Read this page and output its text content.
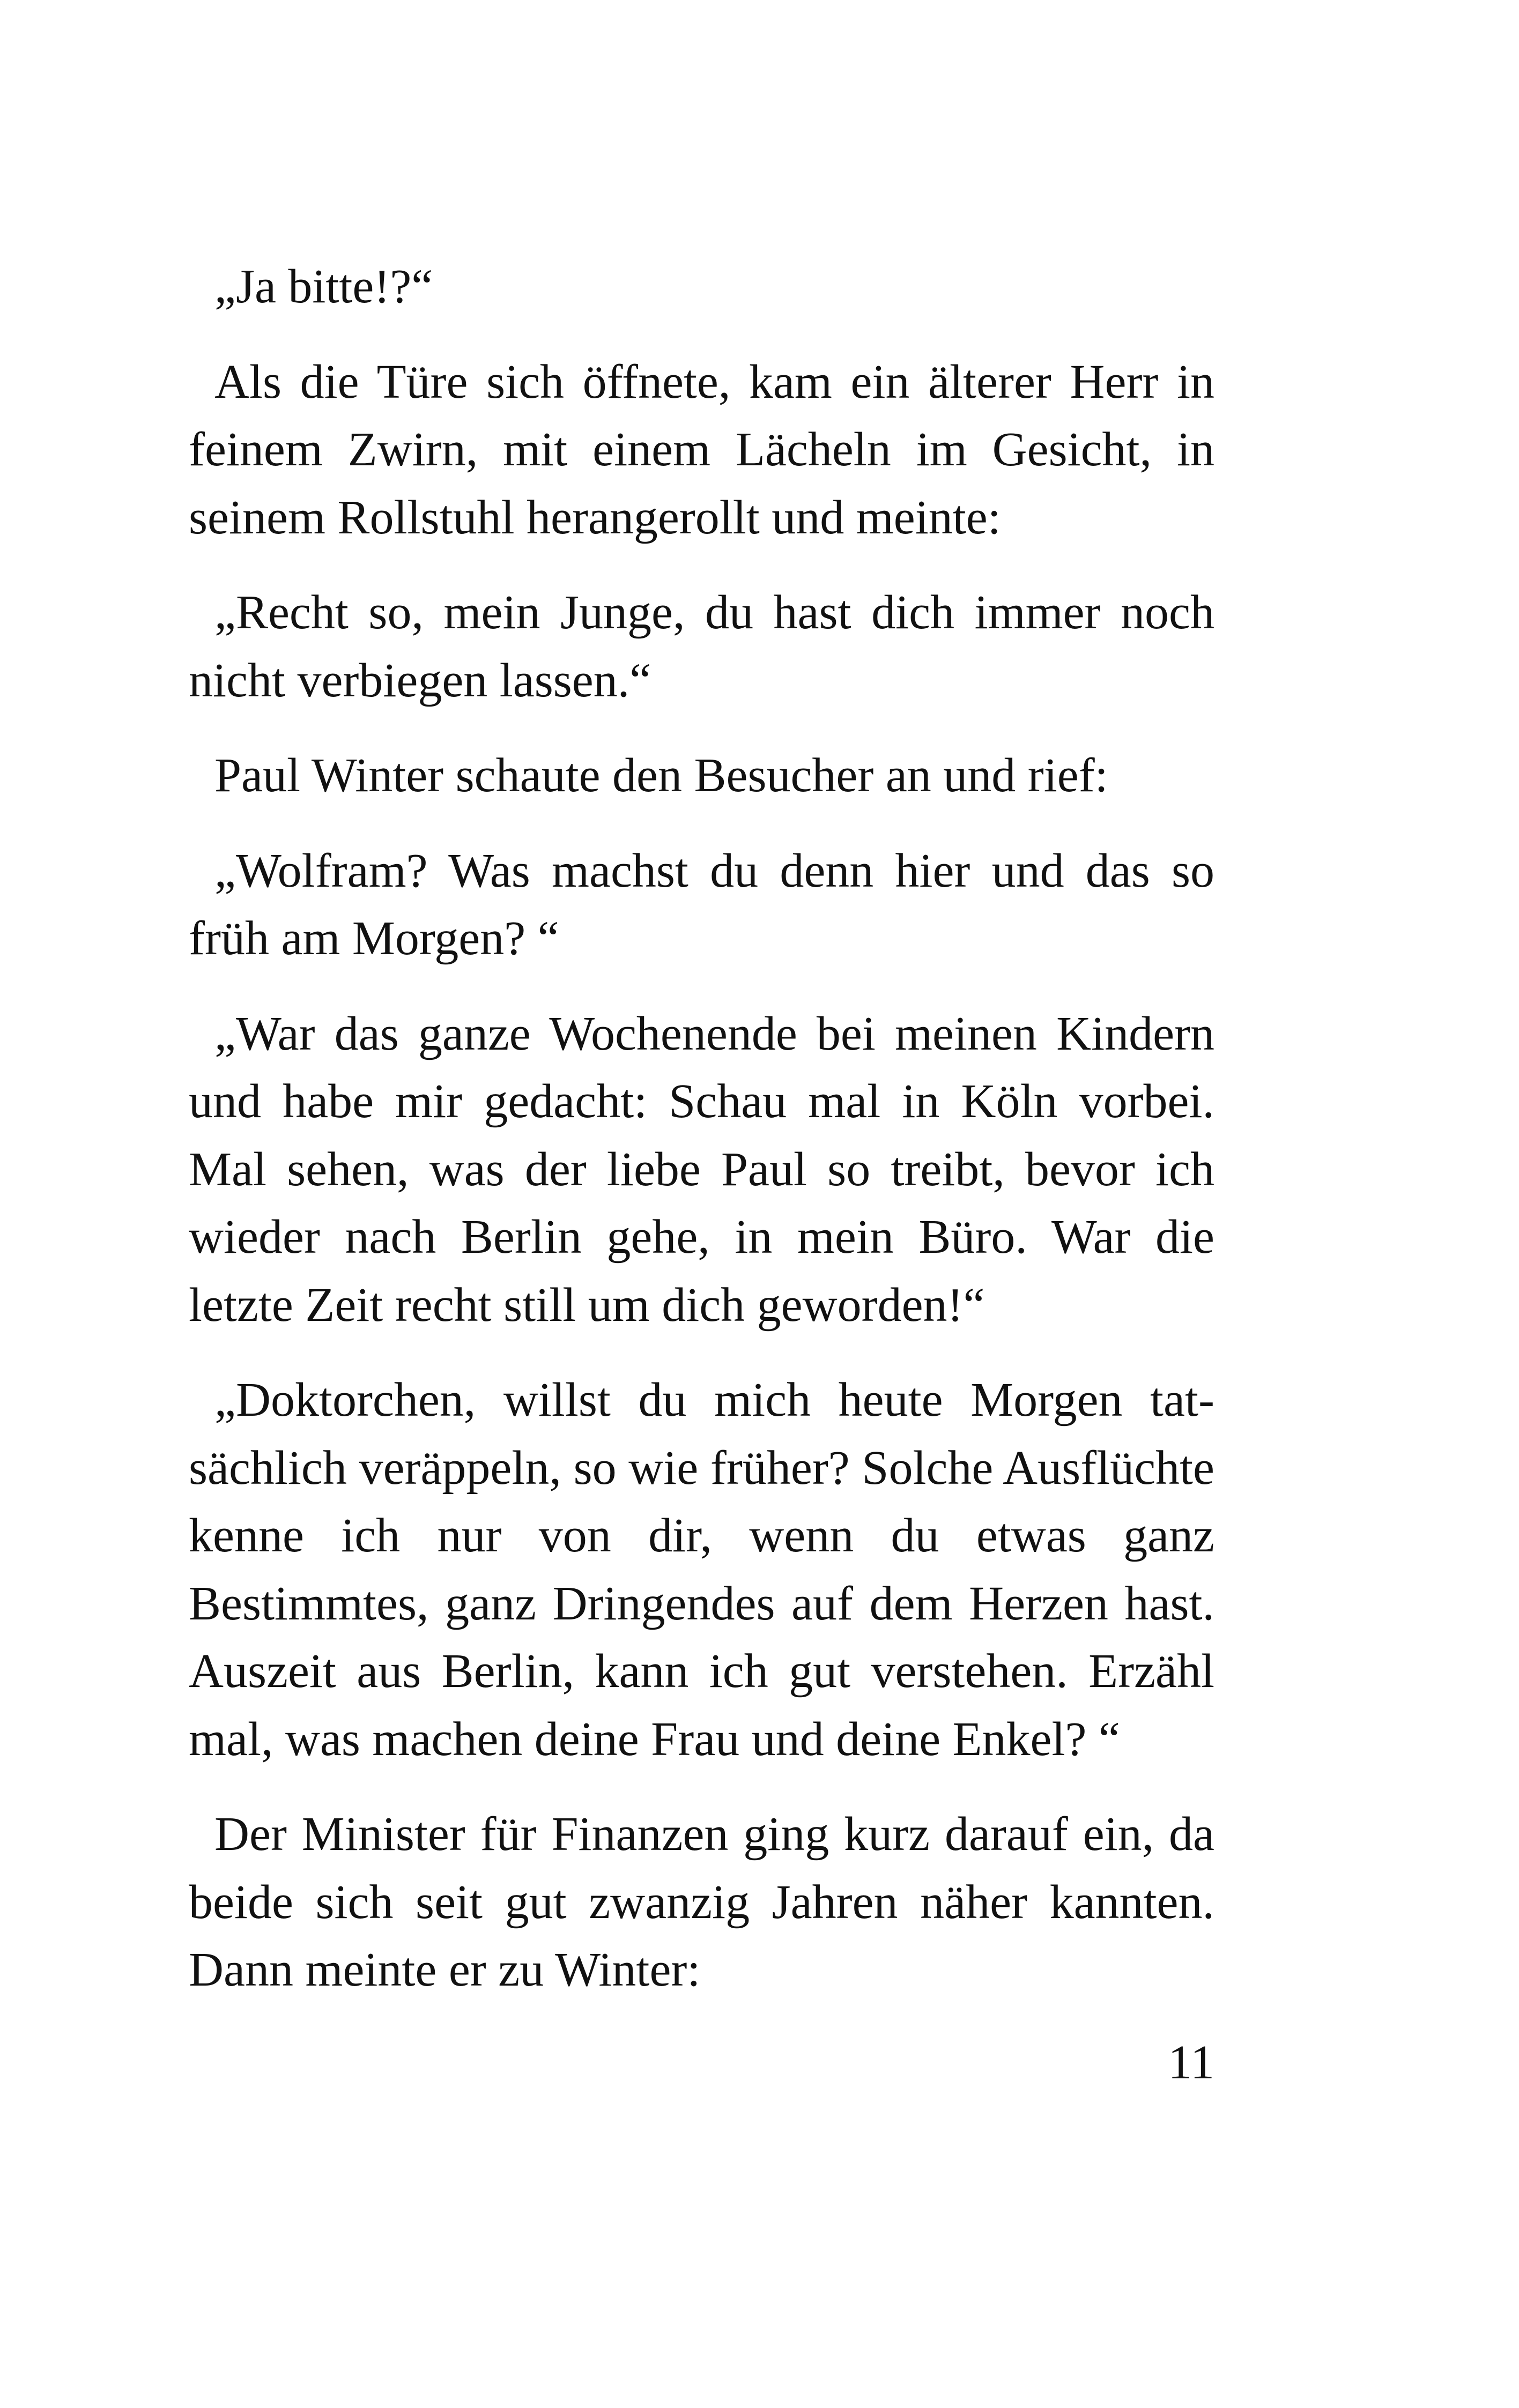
„Ja bitte!?“

Als die Türe sich öffnete, kam ein älterer Herr in feinem Zwirn, mit einem Lächeln im Gesicht, in seinem Rollstuhl herangerollt und meinte:

„Recht so, mein Junge, du hast dich immer noch nicht verbiegen lassen.“

Paul Winter schaute den Besucher an und rief:

„Wolfram? Was machst du denn hier und das so früh am Morgen? “

„War das ganze Wochenende bei meinen Kindern und habe mir gedacht: Schau mal in Köln vorbei. Mal sehen, was der liebe Paul so treibt, bevor ich wieder nach Berlin gehe, in mein Büro. War die letzte Zeit recht still um dich geworden!“

„Doktorchen, willst du mich heute Morgen tatsächlich veräppeln, so wie früher? Solche Ausflüchte kenne ich nur von dir, wenn du etwas ganz Bestimmtes, ganz Dringendes auf dem Herzen hast. Auszeit aus Berlin, kann ich gut verstehen. Erzähl mal, was machen deine Frau und deine Enkel? “

Der Minister für Finanzen ging kurz darauf ein, da beide sich seit gut zwanzig Jahren näher kannten. Dann meinte er zu Winter:

11
